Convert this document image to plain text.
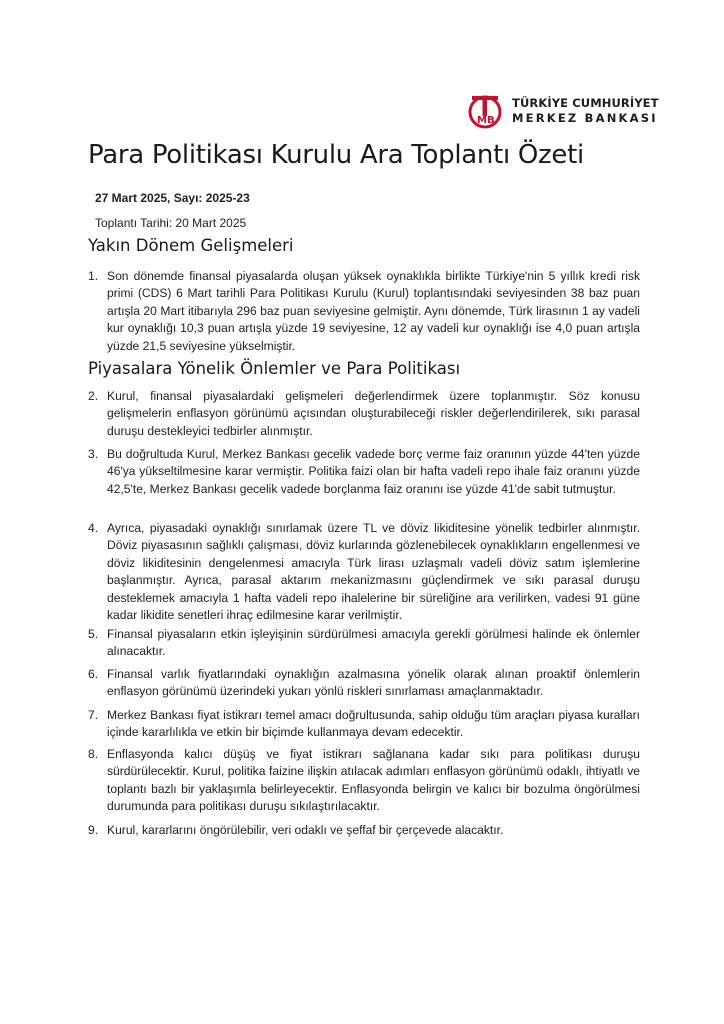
MB
TÜRKİYE CUMHURİYET
MERKEZ BANKASI
Para Politikası Kurulu Ara Toplantı Özeti
27 Mart 2025, Sayı: 2025-23
Toplantı Tarihi: 20 Mart 2025
Yakın Dönem Gelişmeleri
1. Son dönemde finansal piyasalarda oluşan yüksek oynaklıkla birlikte Türkiye'nin 5 yıllık kredi risk primi (CDS) 6 Mart tarihli Para Politikası Kurulu (Kurul) toplantısındaki seviyesinden 38 baz puan artışla 20 Mart itibarıyla 296 baz puan seviyesine gelmiştir. Aynı dönemde, Türk lirasının 1 ay vadeli kur oynaklığı 10,3 puan artışla yüzde 19 seviyesine, 12 ay vadeli kur oynaklığı ise 4,0 puan artışla yüzde 21,5 seviyesine yükselmiştir.
Piyasalara Yönelik Önlemler ve Para Politikası
2. Kurul, finansal piyasalardaki gelişmeleri değerlendirmek üzere toplanmıştır. Söz konusu gelişmelerin enflasyon görünümü açısından oluşturabileceği riskler değerlendirilerek, sıkı parasal duruşu destekleyici tedbirler alınmıştır.
3. Bu doğrultuda Kurul, Merkez Bankası gecelik vadede borç verme faiz oranının yüzde 44'ten yüzde 46'ya yükseltilmesine karar vermiştir. Politika faizi olan bir hafta vadeli repo ihale faiz oranını yüzde 42,5'te, Merkez Bankası gecelik vadede borçlanma faiz oranını ise yüzde 41'de sabit tutmuştur.
4. Ayrıca, piyasadaki oynaklığı sınırlamak üzere TL ve döviz likiditesine yönelik tedbirler alınmıştır. Döviz piyasasının sağlıklı çalışması, döviz kurlarında gözlenebilecek oynaklıkların engellenmesi ve döviz likiditesinin dengelenmesi amacıyla Türk lirası uzlaşmalı vadeli döviz satım işlemlerine başlanmıştır. Ayrıca, parasal aktarım mekanizmasını güçlendirmek ve sıkı parasal duruşu desteklemek amacıyla 1 hafta vadeli repo ihalelerine bir süreliğine ara verilirken, vadesi 91 güne kadar likidite senetleri ihraç edilmesine karar verilmiştir.
5. Finansal piyasaların etkin işleyişinin sürdürülmesi amacıyla gerekli görülmesi halinde ek önlemler alınacaktır.
6. Finansal varlık fiyatlarındaki oynaklığın azalmasına yönelik olarak alınan proaktif önlemlerin enflasyon görünümü üzerindeki yukarı yönlü riskleri sınırlaması amaçlanmaktadır.
7. Merkez Bankası fiyat istikrarı temel amacı doğrultusunda, sahip olduğu tüm araçları piyasa kuralları içinde kararlılıkla ve etkin bir biçimde kullanmaya devam edecektir.
8. Enflasyonda kalıcı düşüş ve fiyat istikrarı sağlanana kadar sıkı para politikası duruşu sürdürülecektir. Kurul, politika faizine ilişkin atılacak adımları enflasyon görünümü odaklı, ihtiyatlı ve toplantı bazlı bir yaklaşımla belirleyecektir. Enflasyonda belirgin ve kalıcı bir bozulma öngörülmesi durumunda para politikası duruşu sıkılaştırılacaktır.
9. Kurul, kararlarını öngörülebilir, veri odaklı ve şeffaf bir çerçevede alacaktır.
